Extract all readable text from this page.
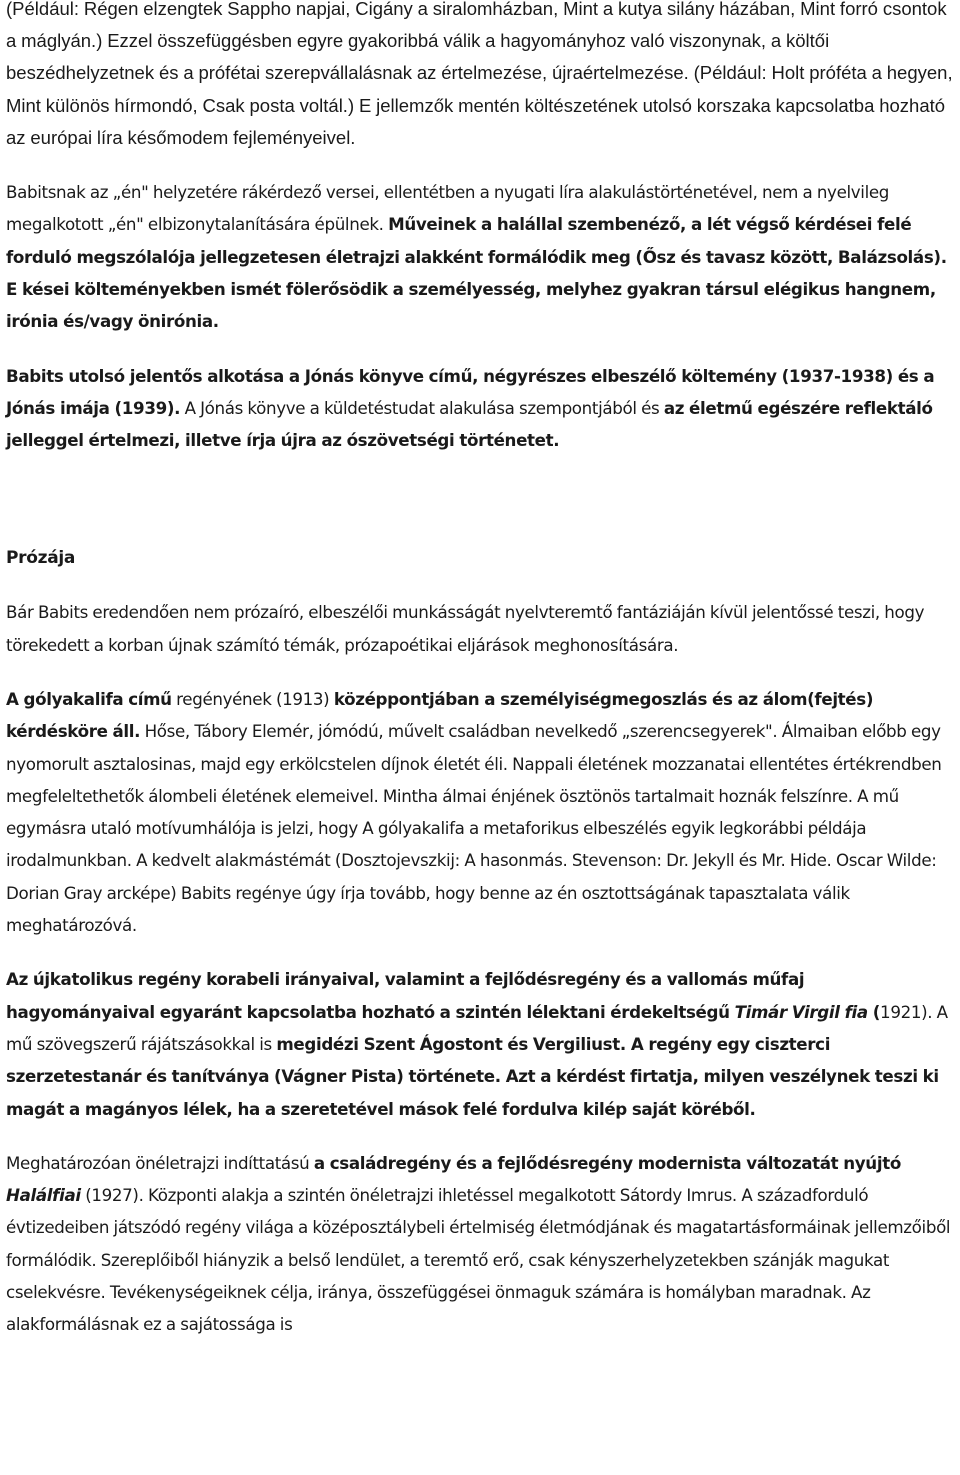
(Például: Régen elzengtek Sappho napjai, Cigány a siralomházban, Mint a kutya silány házában, Mint forró csontok a máglyán.) Ezzel összefüggésben egyre gyakoribbá válik a hagyományhoz való viszonynak, a költői beszédhelyzetnek és a prófétai szerepvállalásnak az értelmezése, újraértelmezése. (Például: Holt próféta a hegyen, Mint különös hírmondó, Csak posta voltál.) E jellemzők mentén költészetének utolsó korszaka kapcsolatba hozható az európai líra későmodem fejleményeivel.

Babitsnak az „én" helyzetére rákérdező versei, ellentétben a nyugati líra alakulástörténetével, nem a nyelvileg megalkotott „én" elbizonytalanítására épülnek. Műveinek a halállal szembenéző, a lét végső kérdései felé forduló megszólalója jellegzetesen életrajzi alakként formálódik meg (Ősz és tavasz között, Balázsolás). E kései költeményekben ismét fölerősödik a személyesség, melyhez gyakran társul elégikus hangnem, irónia és/vagy önirónia.

Babits utolsó jelentős alkotása a Jónás könyve című, négyrészes elbeszélő költemény (1937-1938) és a Jónás imája (1939). A Jónás könyve a küldetéstudat alakulása szempontjából és az életmű egészére reflektáló jelleggel értelmezi, illetve írja újra az ószövetségi történetet.

Prózája

Bár Babits eredendően nem prózaíró, elbeszélői munkásságát nyelvteremtő fantáziáján kívül jelentőssé teszi, hogy törekedett a korban újnak számító témák, prózapoétikai eljárások meghonosítására.

A gólyakalifa című regényének (1913) középpontjában a személyiségmegoszlás és az álom(fejtés) kérdésköre áll. Hőse, Tábory Elemér, jómódú, művelt családban nevelkedő „szerencsegyerek". Álmaiban előbb egy nyomorult asztalosinas, majd egy erkölcstelen díjnok életét éli. Nappali életének mozzanatai ellentétes értékrendben megfeleltethetők álombeli életének elemeivel. Mintha álmai énjének ösztönös tartalmait hoznák felszínre. A mű egymásra utaló motívumhálója is jelzi, hogy A gólyakalifa a metaforikus elbeszélés egyik legkorábbi példája irodalmunkban. A kedvelt alakmástémát (Dosztojevszkij: A hasonmás. Stevenson: Dr. Jekyll és Mr. Hide. Oscar Wilde: Dorian Gray arcképe) Babits regénye úgy írja tovább, hogy benne az én osztottságának tapasztalata válik meghatározóvá.

Az újkatolikus regény korabeli irányaival, valamint a fejlődésregény és a vallomás műfaj hagyományaival egyaránt kapcsolatba hozható a szintén lélektani érdekeltségű Timár Virgil fia (1921). A mű szövegszerű rájátszásokkal is megidézi Szent Ágostont és Vergiliust. A regény egy ciszterci szerzetestanár és tanítványa (Vágner Pista) története. Azt a kérdést firtatja, milyen veszélynek teszi ki magát a magányos lélek, ha a szeretetével mások felé fordulva kilép saját köréből.

Meghatározóan önéletrajzi indíttatású a családregény és a fejlődésregény modernista változatát nyújtó Halálfiai (1927). Központi alakja a szintén önéletrajzi ihletéssel megalkotott Sátordy Imrus. A századforduló évtizedeiben játszódó regény világa a középosztálybeli értelmiség életmódjának és magatartásformáinak jellemzőiből formálódik. Szereplőiből hiányzik a belső lendület, a teremtő erő, csak kényszerhelyzetekben szánják magukat cselekvésre. Tevékenységeiknek célja, iránya, összefüggései önmaguk számára is homályban maradnak. Az alakformálásnak ez a sajátossága is
